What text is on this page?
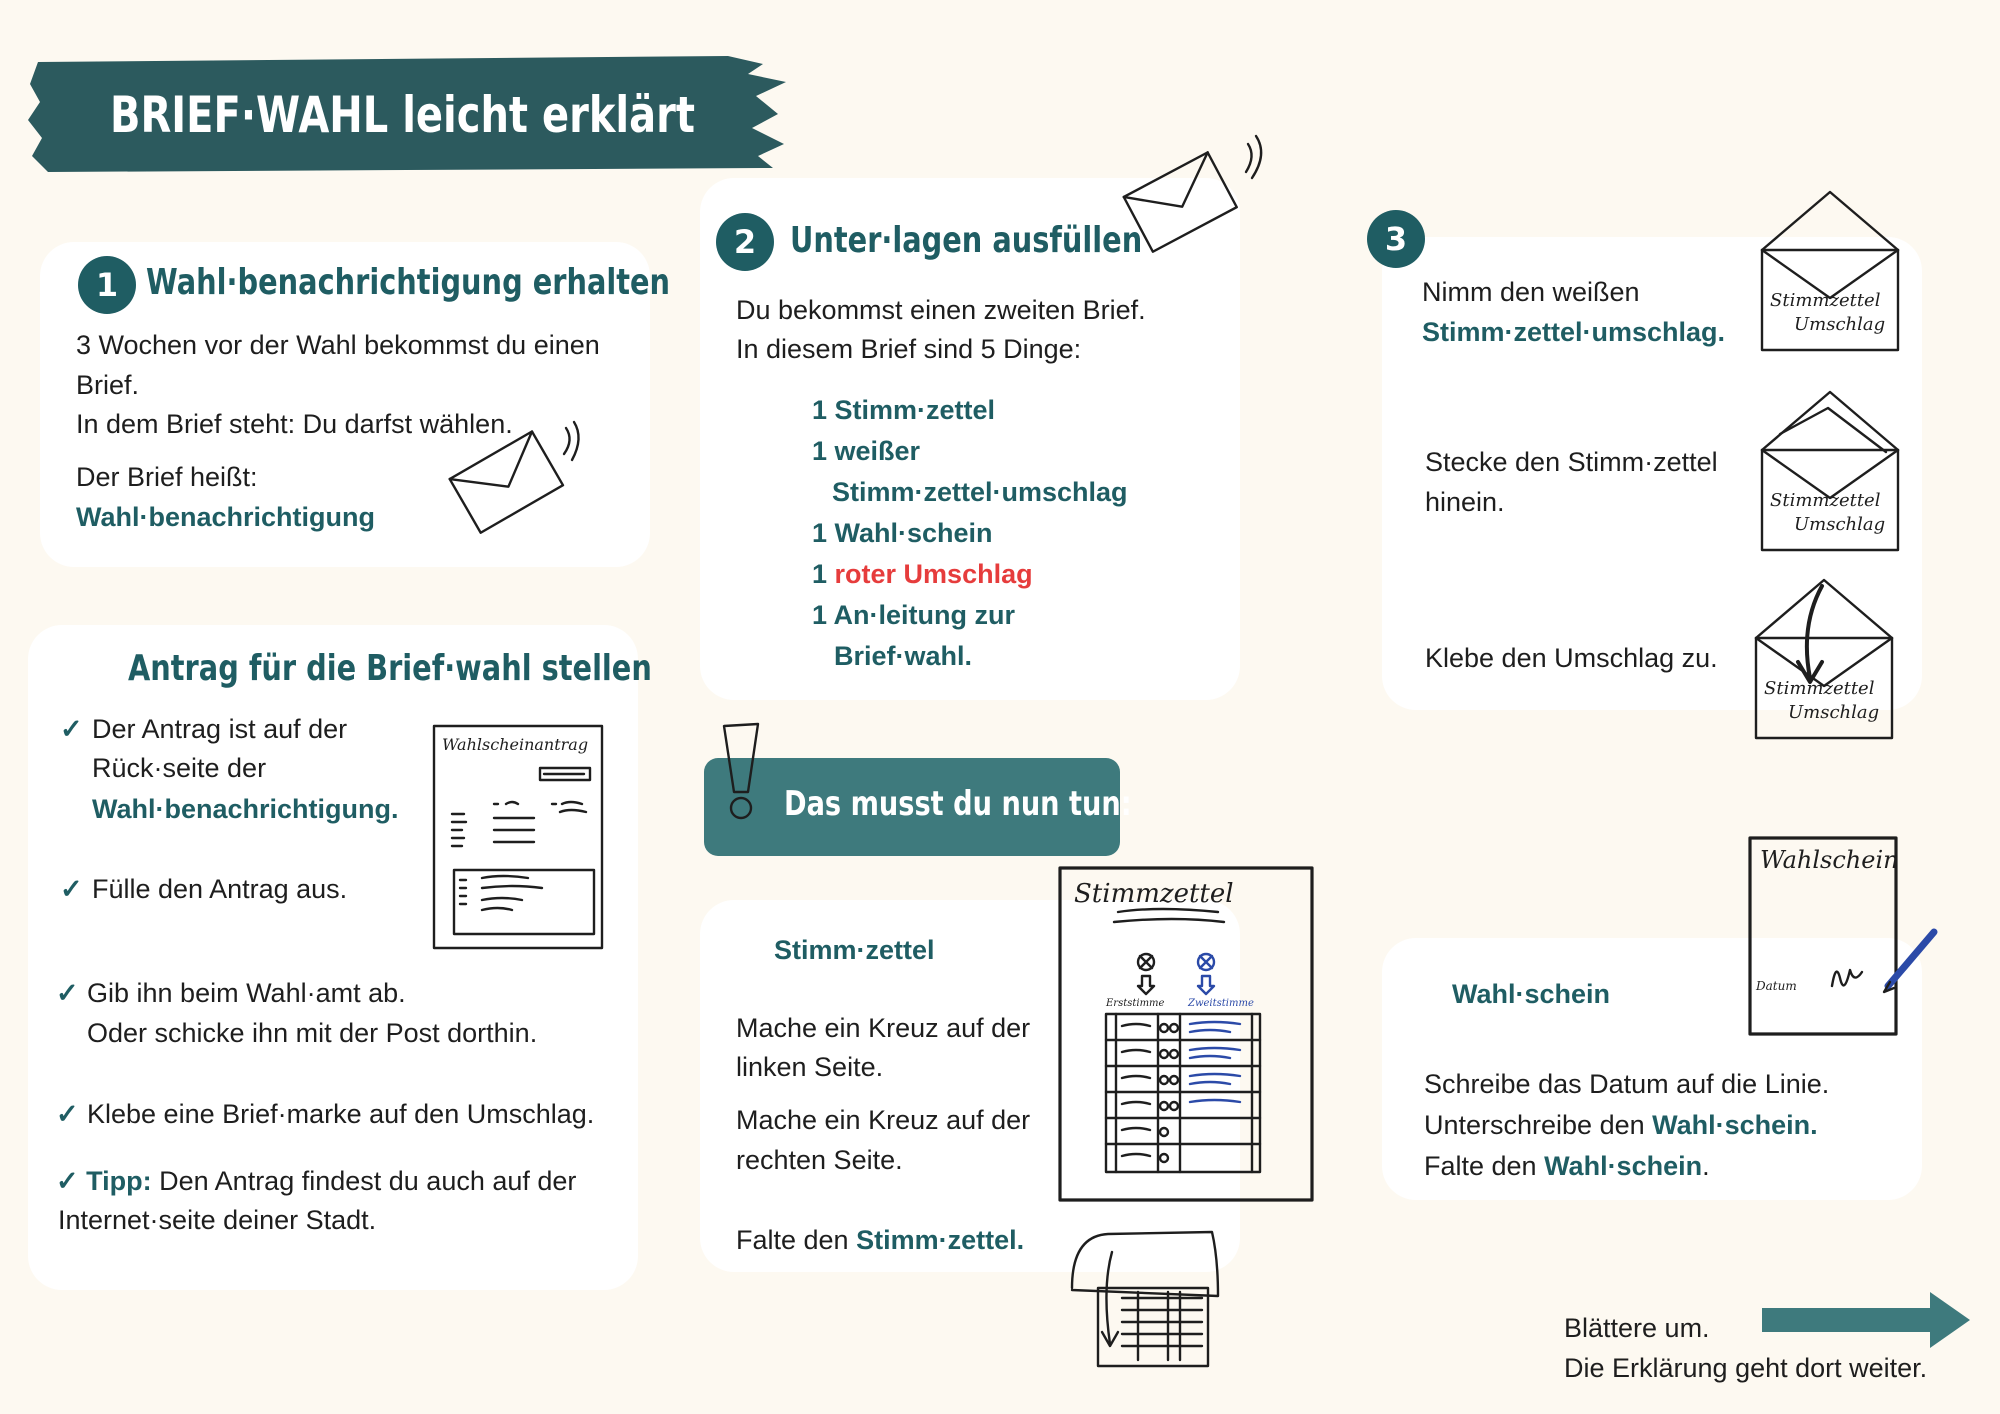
BRIEF·WAHL leicht erklärt
1 Wahl·benachrichtigung erhalten
3 Wochen vor der Wahl bekommst du einen
Brief.
In dem Brief steht: Du darfst wählen.
Der Brief heißt:
Wahl·benachrichtigung
Antrag für die Brief·wahl stellen
✓ Der Antrag ist auf der
Rück·seite der
Wahl·benachrichtigung.
✓ Fülle den Antrag aus.
✓ Gib ihn beim Wahl·amt ab.
Oder schicke ihn mit der Post dorthin.
✓ Klebe eine Brief·marke auf den Umschlag.
✓ Tipp: Den Antrag findest du auch auf der
Internet·seite deiner Stadt.
Wahlscheinantrag
2 Unter·lagen ausfüllen
Du bekommst einen zweiten Brief.
In diesem Brief sind 5 Dinge:
1 Stimm·zettel
1 weißer
Stimm·zettel·umschlag
1 Wahl·schein
1 roter Umschlag
1 An·leitung zur
Brief·wahl.
Das musst du nun tun:
Stimm·zettel
Mache ein Kreuz auf der
linken Seite.
Mache ein Kreuz auf der
rechten Seite.
Falte den Stimm·zettel.
Stimmzettel
Erststimme Zweitstimme
3
Nimm den weißen
Stimm·zettel·umschlag.
Stecke den Stimm·zettel
hinein.
Klebe den Umschlag zu.
Stimmzettel
Umschlag
Stimmzettel
Umschlag
Stimmzettel
Umschlag
Wahl·schein
Schreibe das Datum auf die Linie.
Unterschreibe den Wahl·schein.
Falte den Wahl·schein.
Wahlschein
Datum
Blättere um.
Die Erklärung geht dort weiter.
